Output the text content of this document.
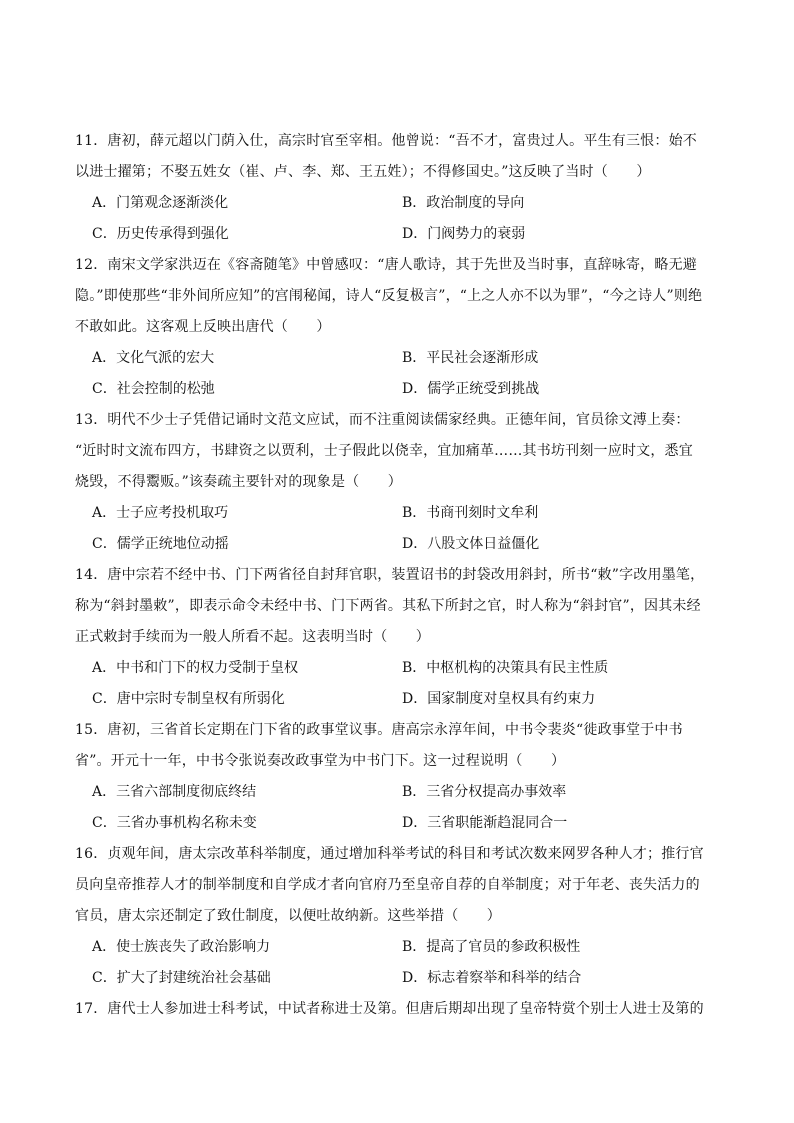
11．唐初，薛元超以门荫入仕，高宗时官至宰相。他曾说：“吾不才，富贵过人。平生有三恨：始不
以进士擢第；不娶五姓女（崔、卢、李、郑、王五姓）；不得修国史。”这反映了当时（　　）
A．门第观念逐渐淡化	B．政治制度的导向
C．历史传承得到强化	D．门阀势力的衰弱
12．南宋文学家洪迈在《容斋随笔》中曾感叹：“唐人歌诗，其于先世及当时事，直辞咏寄，略无避
隐。”即使那些“非外间所应知”的宫闱秘闻，诗人“反复极言”，“上之人亦不以为罪”，“今之诗人”则绝
不敢如此。这客观上反映出唐代（　　）
A．文化气派的宏大	B．平民社会逐渐形成
C．社会控制的松弛	D．儒学正统受到挑战
13．明代不少士子凭借记诵时文范文应试，而不注重阅读儒家经典。正德年间，官员徐文溥上奏：
“近时时文流布四方，书肆资之以贾利，士子假此以侥幸，宜加痛革……其书坊刊刻一应时文，悉宜
烧毁，不得鬻贩。”该奏疏主要针对的现象是（　　）
A．士子应考投机取巧	B．书商刊刻时文牟利
C．儒学正统地位动摇	D．八股文体日益僵化
14．唐中宗若不经中书、门下两省径自封拜官职，装置诏书的封袋改用斜封，所书“敕”字改用墨笔，
称为“斜封墨敕”，即表示命令未经中书、门下两省。其私下所封之官，时人称为“斜封官”，因其未经
正式敕封手续而为一般人所看不起。这表明当时（　　）
A．中书和门下的权力受制于皇权	B．中枢机构的决策具有民主性质
C．唐中宗时专制皇权有所弱化	D．国家制度对皇权具有约束力
15．唐初，三省首长定期在门下省的政事堂议事。唐高宗永淳年间，中书令裴炎“徙政事堂于中书
省”。开元十一年，中书令张说奏改政事堂为中书门下。这一过程说明（　　）
A．三省六部制度彻底终结	B．三省分权提高办事效率
C．三省办事机构名称未变	D．三省职能渐趋混同合一
16．贞观年间，唐太宗改革科举制度，通过增加科举考试的科目和考试次数来网罗各种人才；推行官
员向皇帝推荐人才的制举制度和自学成才者向官府乃至皇帝自荐的自举制度；对于年老、丧失活力的
官员，唐太宗还制定了致仕制度，以便吐故纳新。这些举措（　　）
A．使士族丧失了政治影响力	B．提高了官员的参政积极性
C．扩大了封建统治社会基础	D．标志着察举和科举的结合
17．唐代士人参加进士科考试，中试者称进士及第。但唐后期却出现了皇帝特赏个别士人进士及第的
